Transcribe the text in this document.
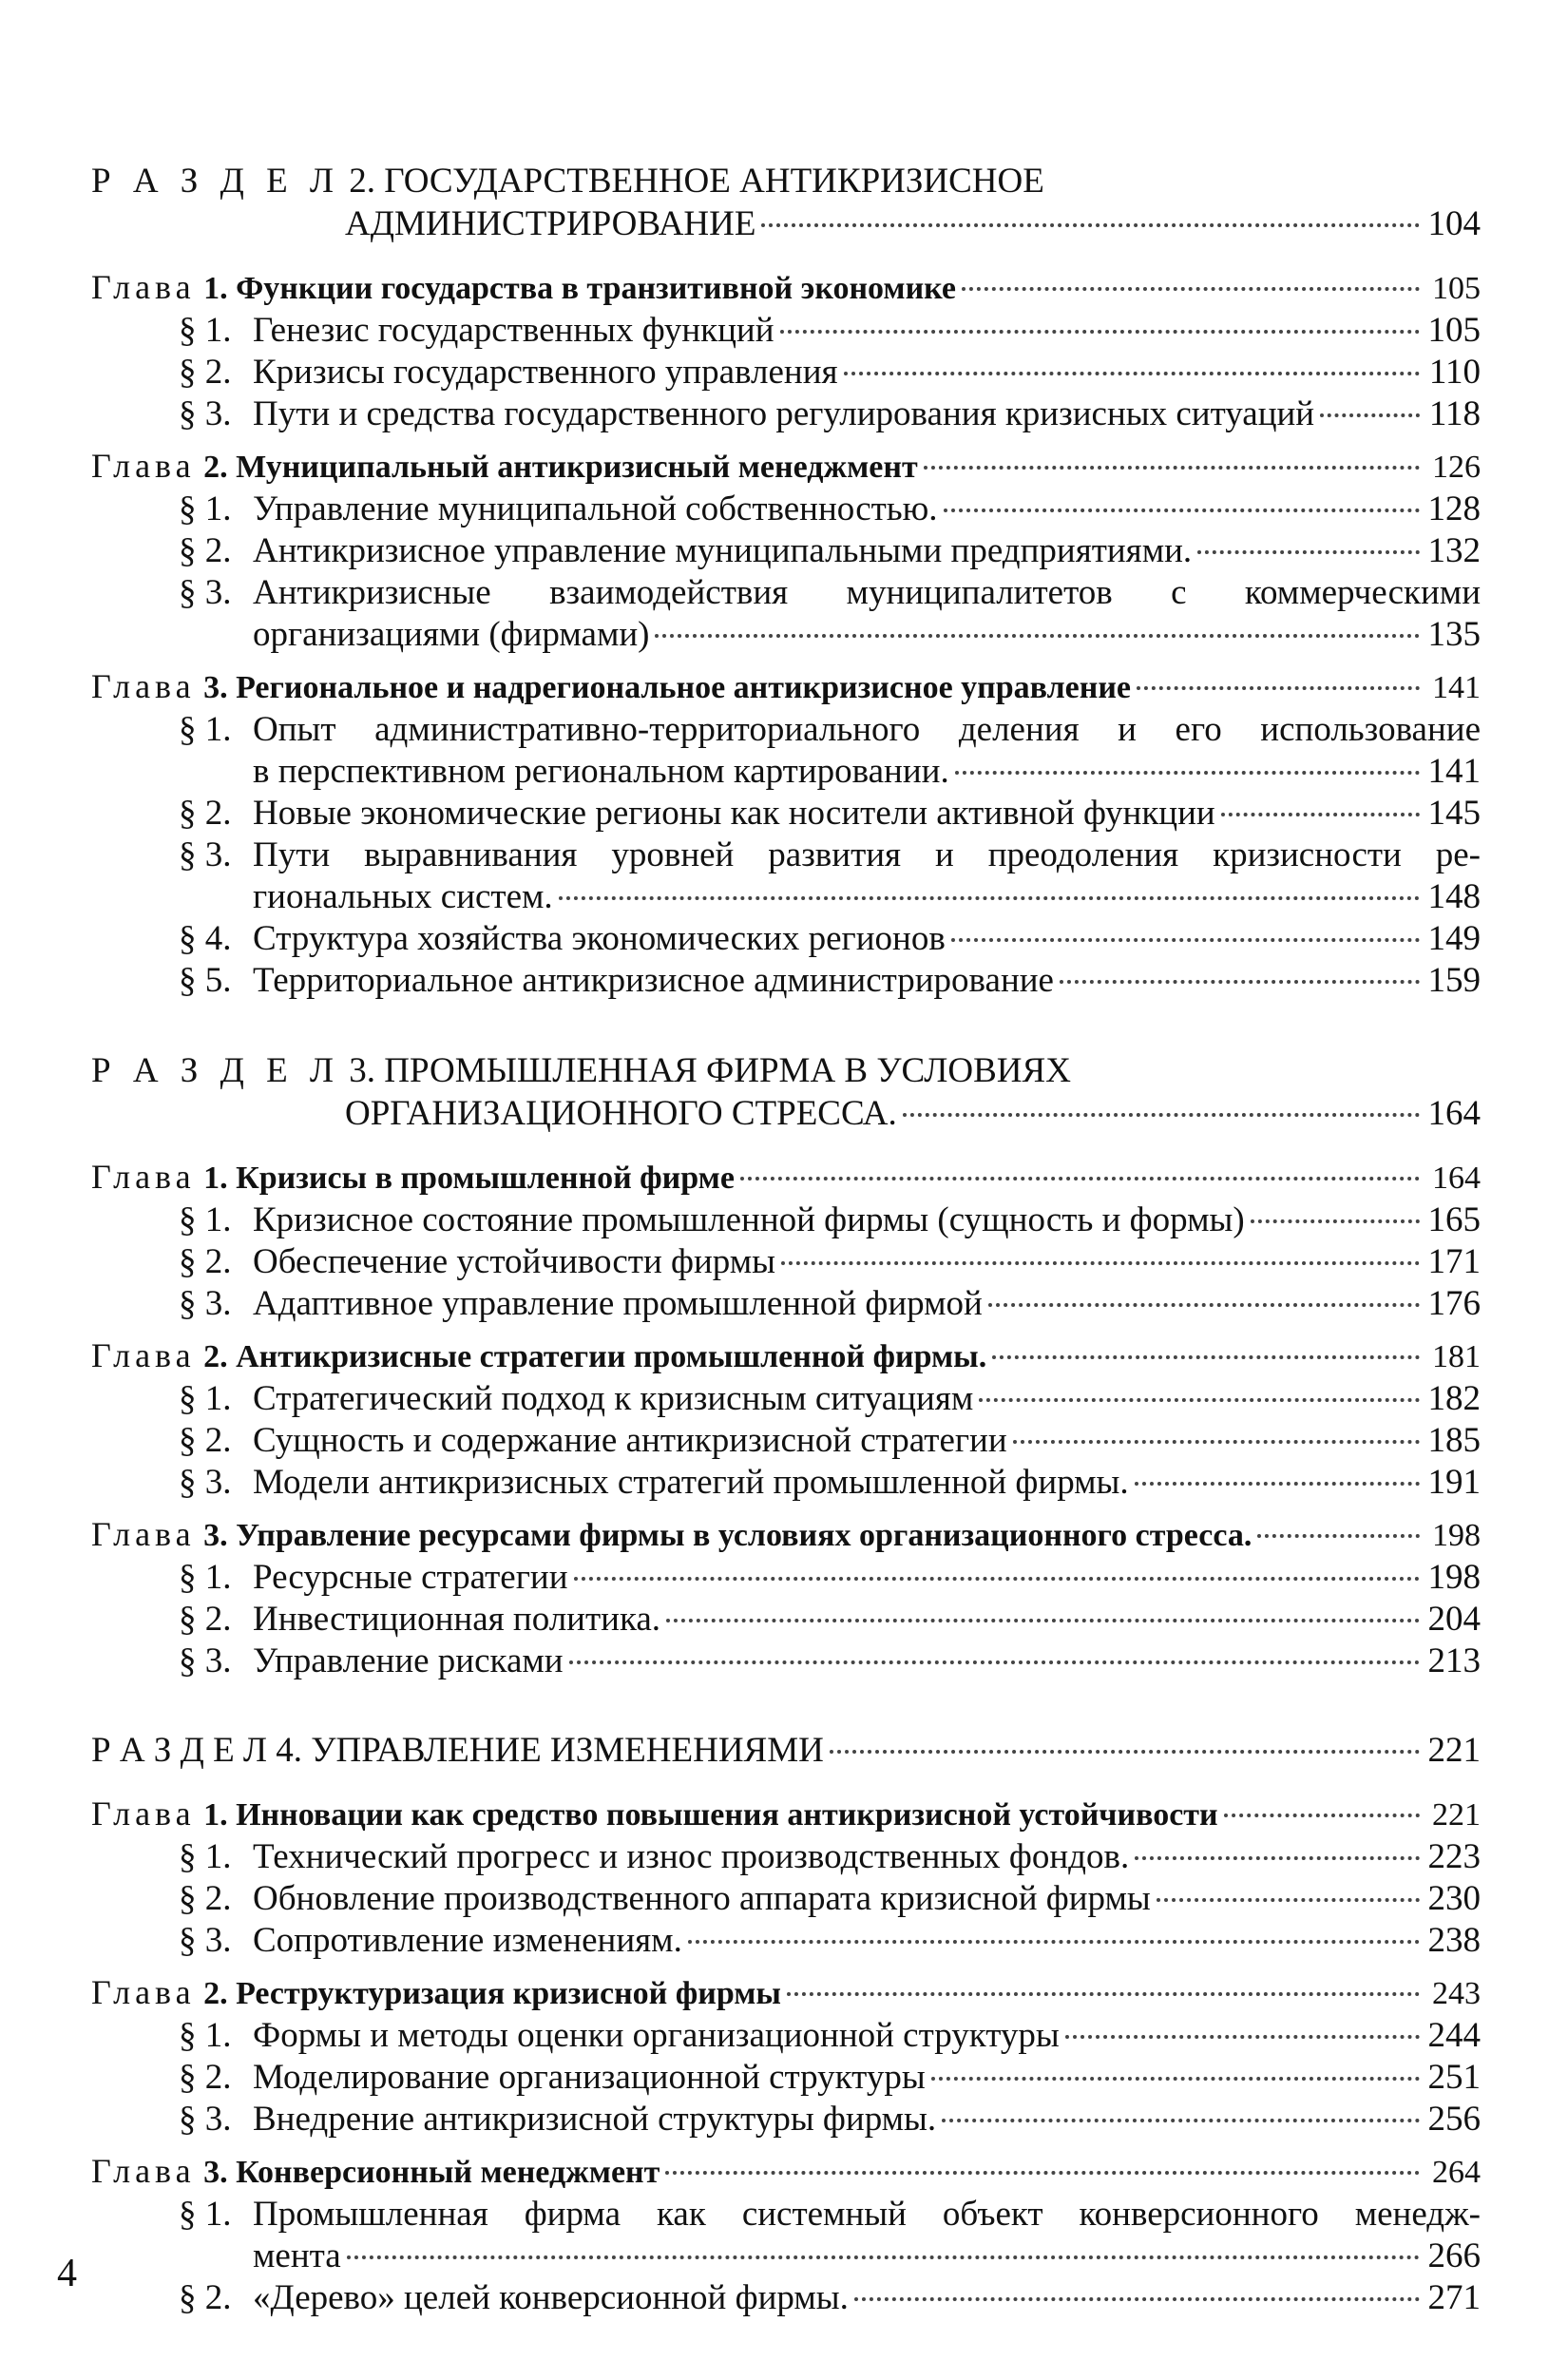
Р А З Д Е Л 2. ГОСУДАРСТВЕННОЕ АНТИКРИЗИСНОЕ
АДМИНИСТРИРОВАНИЕ	104
Глава 1. Функции государства в транзитивной экономике	105
§ 1. Генезис государственных функций	105
§ 2. Кризисы государственного управления	110
§ 3. Пути и средства государственного регулирования кризисных ситуаций	118
Глава 2. Муниципальный антикризисный менеджмент	126
§ 1. Управление муниципальной собственностью.	128
§ 2. Антикризисное управление муниципальными предприятиями.	132
§ 3. Антикризисные взаимодействия муниципалитетов с коммерческими
организациями (фирмами)	135
Глава 3. Региональное и надрегиональное антикризисное управление	141
§ 1. Опыт административно-территориального деления и его использование
в перспективном региональном картировании.	141
§ 2. Новые экономические регионы как носители активной функции	145
§ 3. Пути выравнивания уровней развития и преодоления кризисности ре-
гиональных систем.	148
§ 4. Структура хозяйства экономических регионов	149
§ 5. Территориальное антикризисное администрирование	159
Р А З Д Е Л 3. ПРОМЫШЛЕННАЯ ФИРМА В УСЛОВИЯХ
ОРГАНИЗАЦИОННОГО СТРЕССА.	164
Глава 1. Кризисы в промышленной фирме	164
§ 1. Кризисное состояние промышленной фирмы (сущность и формы)	165
§ 2. Обеспечение устойчивости фирмы	171
§ 3. Адаптивное управление промышленной фирмой	176
Глава 2. Антикризисные стратегии промышленной фирмы.	181
§ 1. Стратегический подход к кризисным ситуациям	182
§ 2. Сущность и содержание антикризисной стратегии	185
§ 3. Модели антикризисных стратегий промышленной фирмы.	191
Глава 3. Управление ресурсами фирмы в условиях организационного стресса.	198
§ 1. Ресурсные стратегии	198
§ 2. Инвестиционная политика.	204
§ 3. Управление рисками	213
Р А З Д Е Л 4. УПРАВЛЕНИЕ ИЗМЕНЕНИЯМИ	221
Глава 1. Инновации как средство повышения антикризисной устойчивости	221
§ 1. Технический прогресс и износ производственных фондов.	223
§ 2. Обновление производственного аппарата кризисной фирмы	230
§ 3. Сопротивление изменениям.	238
Глава 2. Реструктуризация кризисной фирмы	243
§ 1. Формы и методы оценки организационной структуры	244
§ 2. Моделирование организационной структуры	251
§ 3. Внедрение антикризисной структуры фирмы.	256
Глава 3. Конверсионный менеджмент	264
§ 1. Промышленная фирма как системный объект конверсионного менедж-
мента	266
§ 2. «Дерево» целей конверсионной фирмы.	271
4
